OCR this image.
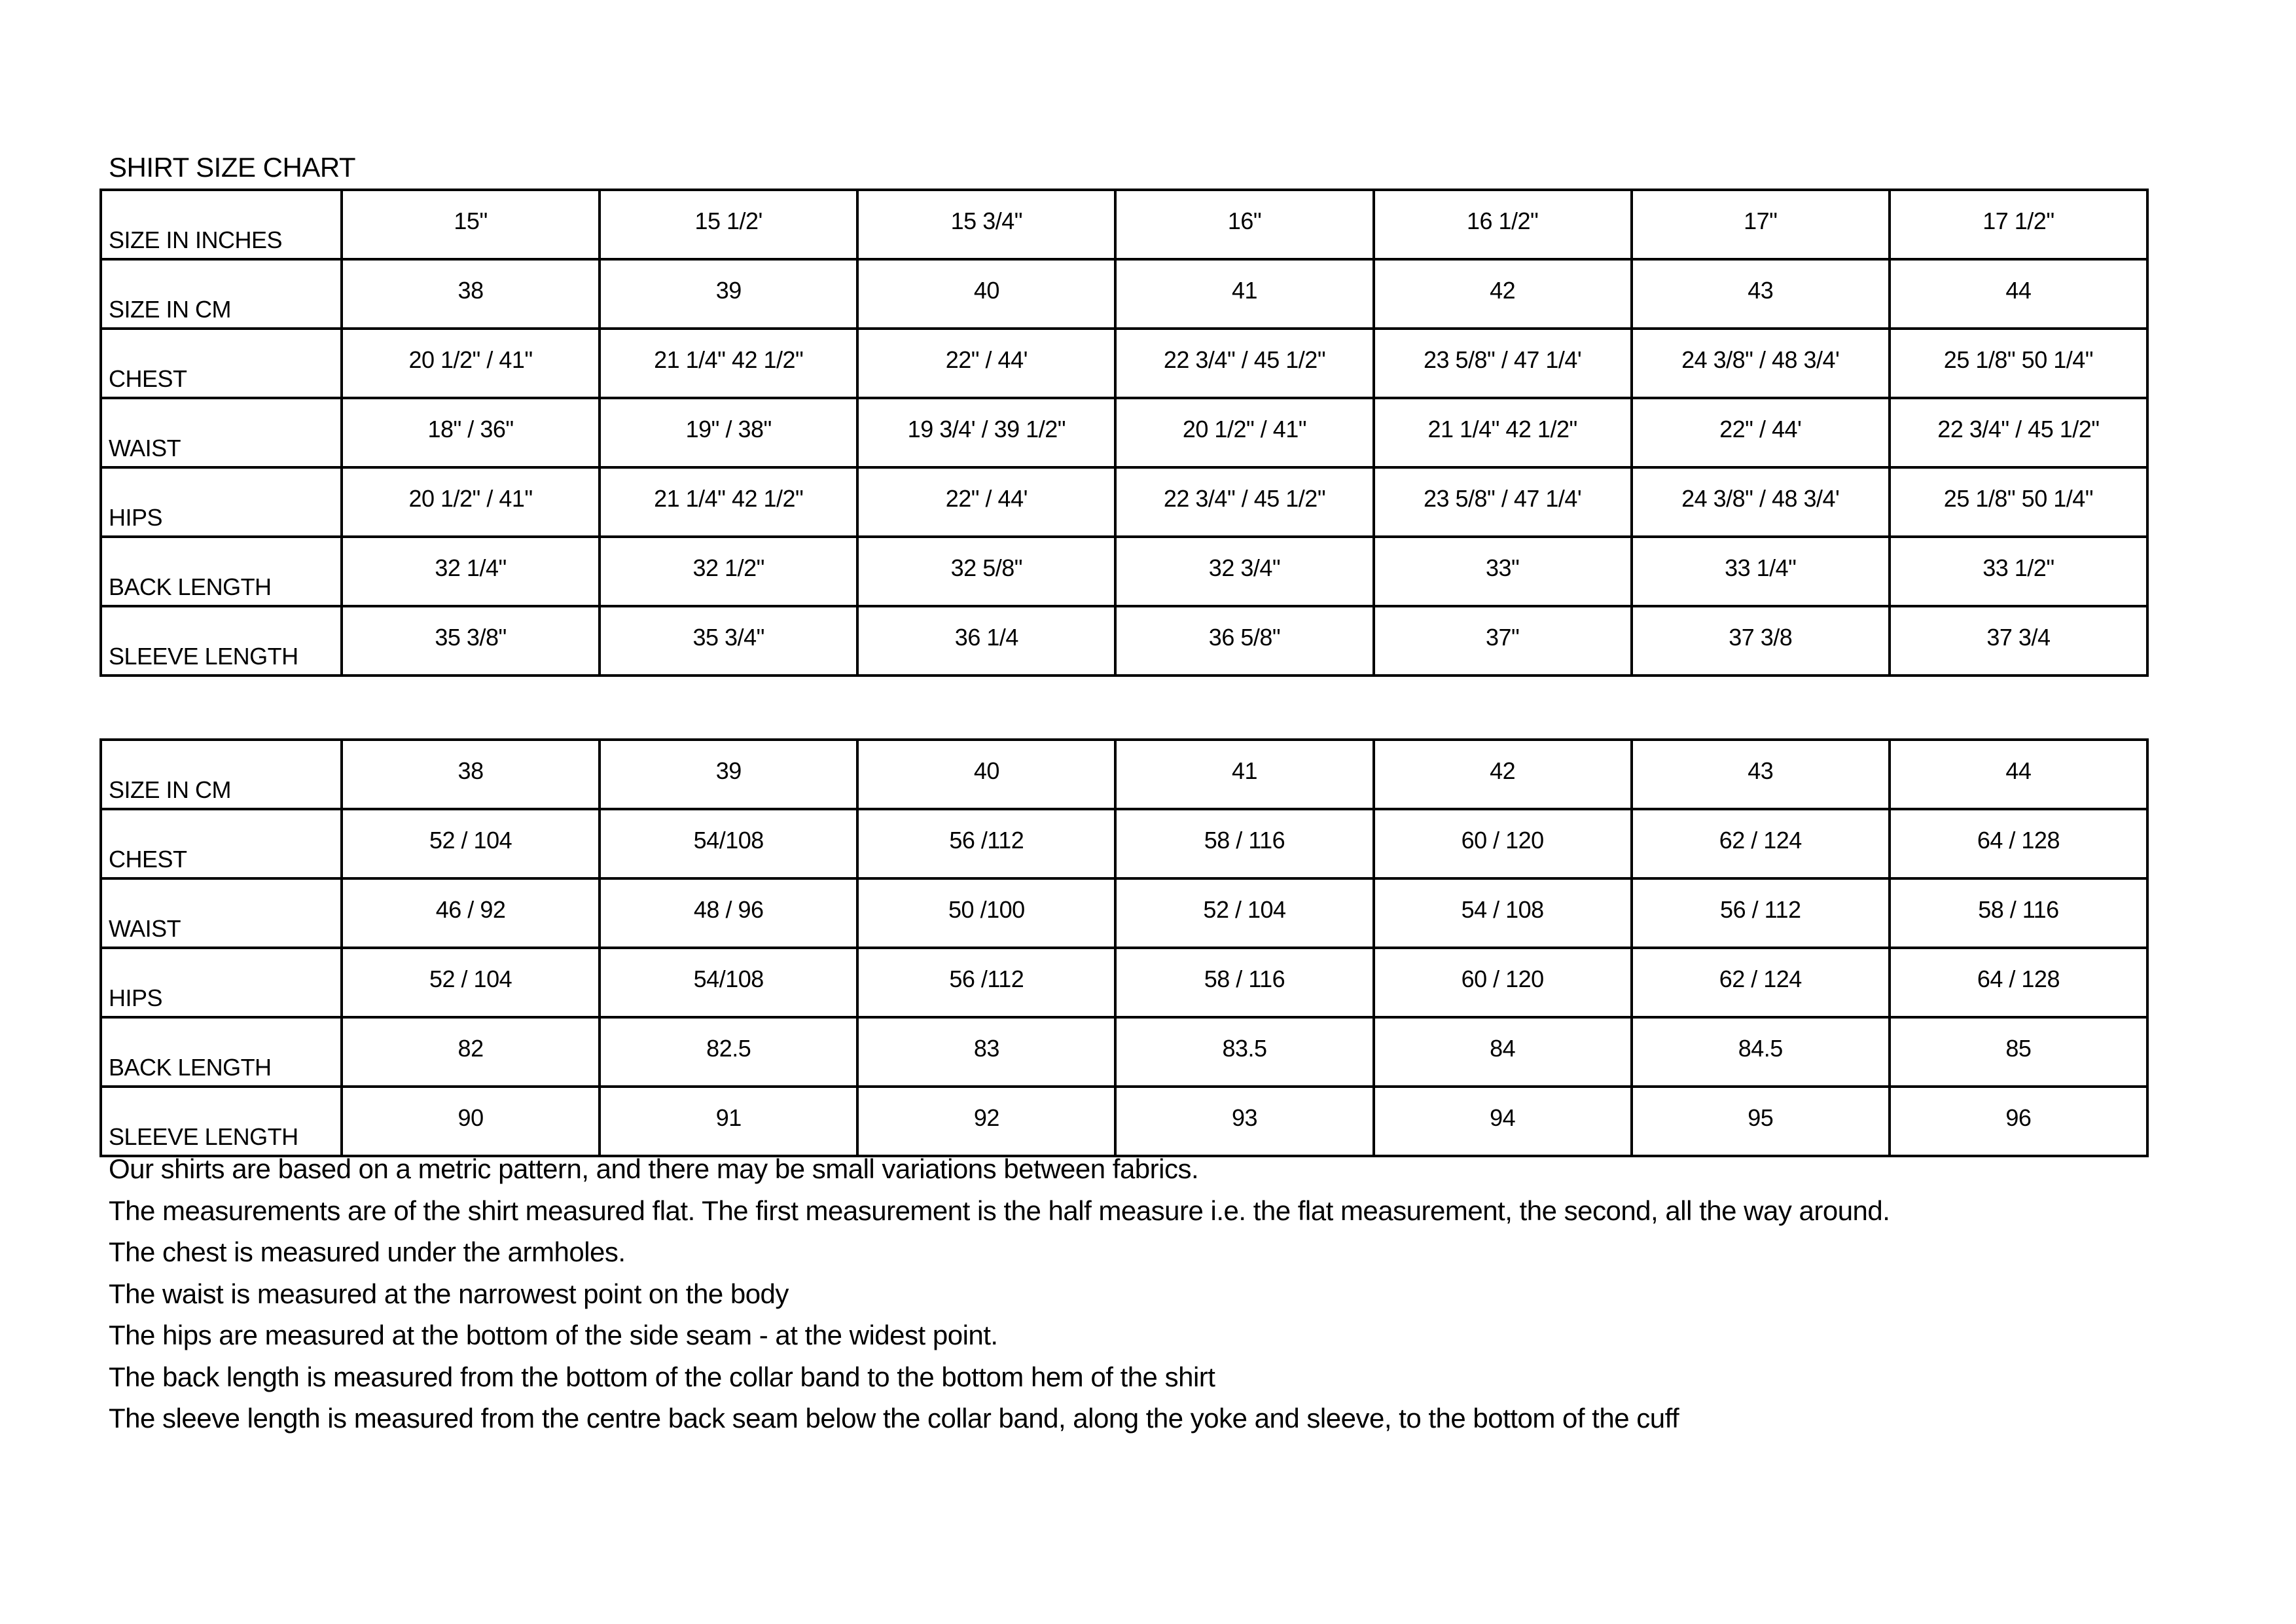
SHIRT SIZE CHART
SIZE IN INCHES	15"	15 1/2'	15 3/4"	16"	16 1/2"	17"	17 1/2"
SIZE IN CM	38	39	40	41	42	43	44
CHEST	20 1/2" / 41"	21 1/4" 42 1/2"	22" / 44'	22 3/4" / 45 1/2"	23 5/8" / 47 1/4'	24 3/8" / 48 3/4'	25 1/8" 50 1/4"
WAIST	18" / 36"	19" / 38"	19 3/4' / 39 1/2"	20 1/2" / 41"	21 1/4" 42 1/2"	22" / 44'	22 3/4" / 45 1/2"
HIPS	20 1/2" / 41"	21 1/4" 42 1/2"	22" / 44'	22 3/4" / 45 1/2"	23 5/8" / 47 1/4'	24 3/8" / 48 3/4'	25 1/8" 50 1/4"
BACK LENGTH	32 1/4"	32 1/2"	32 5/8"	32 3/4"	33"	33 1/4"	33 1/2"
SLEEVE LENGTH	35 3/8"	35 3/4"	36 1/4	36 5/8"	37"	37 3/8	37 3/4
SIZE IN CM	38	39	40	41	42	43	44
CHEST	52 / 104	54/108	56 /112	58 / 116	60 / 120	62 / 124	64 / 128
WAIST	46 / 92	48 / 96	50 /100	52 / 104	54 / 108	56 / 112	58 / 116
HIPS	52 / 104	54/108	56 /112	58 / 116	60 / 120	62 / 124	64 / 128
BACK LENGTH	82	82.5	83	83.5	84	84.5	85
SLEEVE LENGTH	90	91	92	93	94	95	96

Our shirts are based on a metric pattern, and there may be small variations between fabrics.

The measurements are of the shirt measured flat. The first measurement is the half measure i.e. the flat measurement, the second, all the way around.

The chest is measured under the armholes.

The waist is measured at the narrowest point on the body

The hips are measured at the bottom of the side seam - at the widest point.

The back length is measured from the bottom of the collar band to the bottom hem of the shirt

The sleeve length is measured from the centre back seam below the collar band, along the yoke and sleeve, to the bottom of the cuff
